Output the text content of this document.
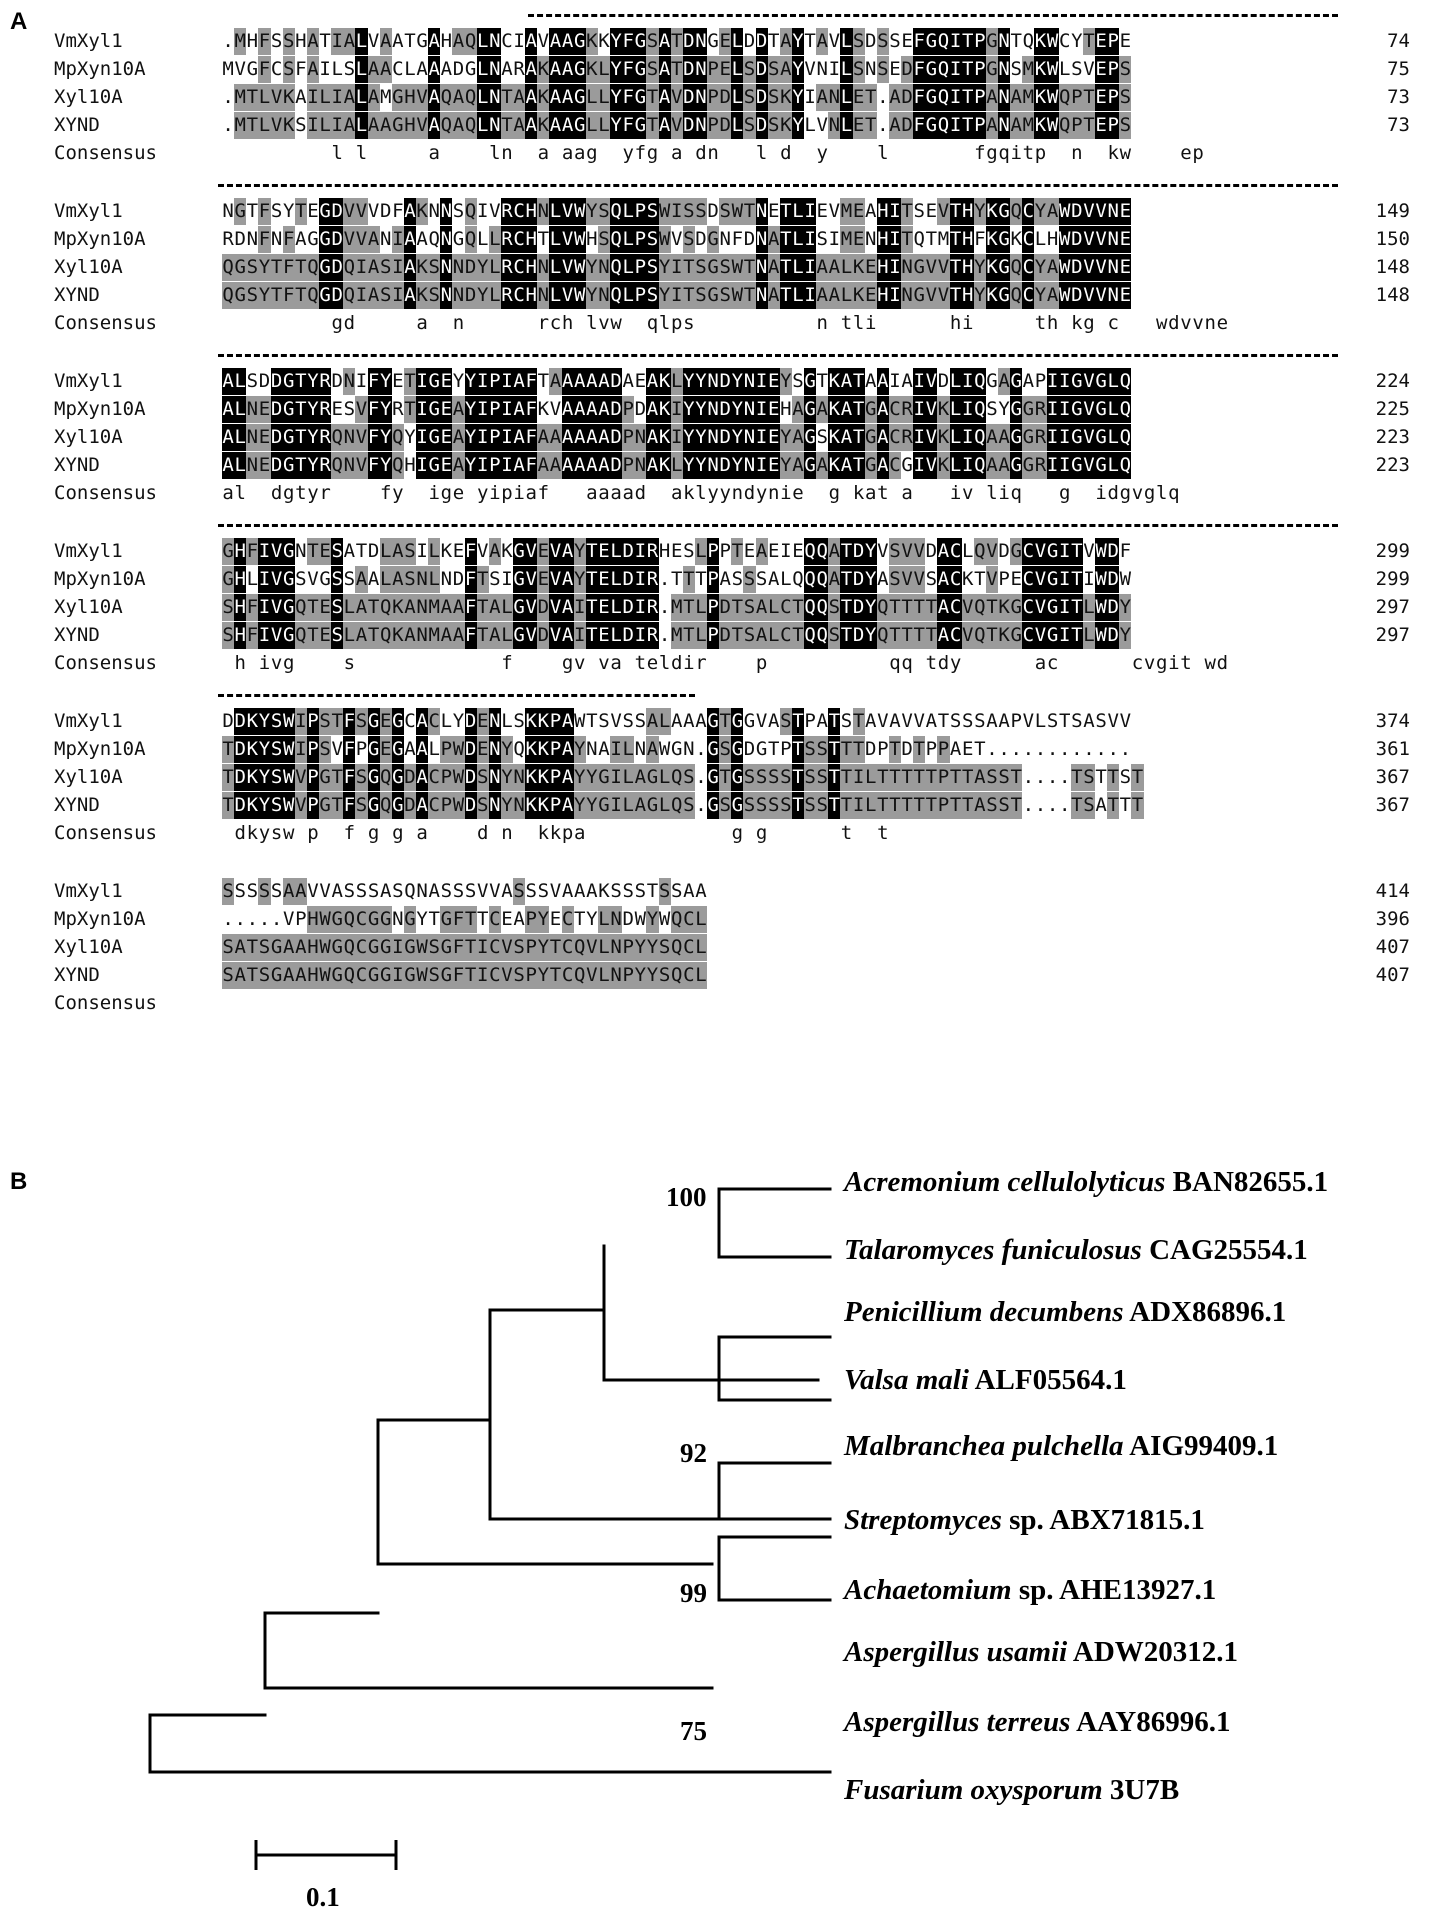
A
VmXyl1	.MHFSSHATIALVAATGAHAQLNCIAVAAGKKYFGSATDNGELDDTAYTAVLSDSSEFGQITPGNTQKWCYTEPE	74
MpXyn10A	MVGFCSFAILSLAACLAAADGLNARAKAAGKLYFGSATDNPELSDSAYVNILSNSEDFGQITPGNSMKWLSVEPS	75
Xyl10A	.MTLVKAILIALAMGHVAQAQLNTAAKAAGLLYFGTAVDNPDLSDSKYIANLET.ADFGQITPANAMKWQPTEPS	73
XYND	.MTLVKSILIALAAGHVAQAQLNTAAKAAGLLYFGTAVDNPDLSDSKYLVNLET.ADFGQITPANAMKWQPTEPS	73
Consensus	l l	a	ln a aag yfg a dn l d y	l	fgqitp n kw	ep
VmXyl1	NGTFSYTEGDVVVDFAKNNSQIVRCHNLVWYSQLPSWISSDSWTNETLIEVMEAHITSEVTHYKGQCYAWDVVNE	149
MpXyn10A	RDNFNFAGGDVVANIAAQNGQLLRCHTLVWHSQLPSWVSDGNFDNATLISIMENHITQTMTHFKGKCLHWDVVNE	150
Xyl10A	QGSYTFTQGDQIASIAKSNNDYLRCHNLVWYNQLPSYITSGSWTNATLIAALKEHINGVVTHYKGQCYAWDVVNE	148
XYND	QGSYTFTQGDQIASIAKSNNDYLRCHNLVWYNQLPSYITSGSWTNATLIAALKEHINGVVTHYKGQCYAWDVVNE	148
Consensus	gd	a n	rch lvw qlps	n tli	hi	th kg c wdvvne
VmXyl1	ALSDDGTYRDNIFYETIGEYYIPIAFTAAAAADAEAKLYYNDYNIEYSGTKATAAIAIVDLIQGAGAPIIGVGLQ	224
MpXyn10A	ALNEDGTYRESVFYRTIGEAYIPIAFKVAAAADPDAKIYYNDYNIEHAGAKATGACRIVKLIQSYGGRIIGVGLQ	225
Xyl10A	ALNEDGTYRQNVFYQYIGEAYIPIAFAAAAAADPNAKIYYNDYNIEYAGSKATGACRIVKLIQAAGGRIIGVGLQ	223
XYND	ALNEDGTYRQNVFYQHIGEAYIPIAFAAAAAADPNAKLYYNDYNIEYAGAKATGACGIVKLIQAAGGRIIGVGLQ	223
Consensus	al dgtyr	fy ige yipiaf aaaad aklyyndynie g kat a iv liq g idgvglq
VmXyl1	GHFIVGNTESATDLASILKEFVAKGVEVAYTELDIRHESLPPTEAEIEQQATDYVSVVDACLQVDGCVGITVWDF	299
MpXyn10A	GHLIVGSVGSSAALASNLNDFTSIGVEVAYTELDIR.TTTPASSSALQQQATDYASVVSACKTVPECVGITIWDW	299
Xyl10A	SHFIVGQTESLATQKANMAAFTALGVDVAITELDIR.MTLPDTSALCTQQSTDYQTTTTACVQTKGCVGITLWDY	297
XYND	SHFIVGQTESLATQKANMAAFTALGVDVAITELDIR.MTLPDTSALCTQQSTDYQTTTTACVQTKGCVGITLWDY	297
Consensus	h ivg	s	f	gv va teldir	p	qq tdy	ac	cvgit wd
VmXyl1	DDKYSWIPSTFSGEGCACLYDENLSKKPAWTSVSSALAAAGTGGVASTPATSTAVAVVATSSSAAPVLSTSASVV	374
MpXyn10A	TDKYSWIPSVFPGEGAALPWDENYQKKPAYNAILNAWGN.GSGDGTPTSSTTTDPTDTPPAET............	361
Xyl10A	TDKYSWVPGTFSGQGDACPWDSNYNKKPAYYGILAGLQS.GTGSSSSTSSTTILTTTTTPTTASST....TSTTST	367
XYND	TDKYSWVPGTFSGQGDACPWDSNYNKKPAYYGILAGLQS.GSGSSSSTSSTTILTTTTTPTTASST....TSATTT	367
Consensus	dkysw p f g g a	d n kkpa	g g	t t
VmXyl1	SSSSSAAVVASSSASQNASSSVVASSSVAAAKSSSTSSAA	414
MpXyn10A	.....VPHWGQCGGNGYTGFTTCEAPYECTYLNDWYWQCL	396
Xyl10A	SATSGAAHWGQCGGIGWSGFTICVSPYTCQVLNPYYSQCL	407
XYND	SATSGAAHWGQCGGIGWSGFTICVSPYTCQVLNPYYSQCL	407
Consensus
B	Acremonium cellulolyticus BAN82655.1
Talaromyces funiculosus CAG25554.1
Penicillium decumbens ADX86896.1
Valsa mali ALF05564.1
Malbranchea pulchella AIG99409.1
Streptomyces sp. ABX71815.1
Achaetomium sp. AHE13927.1
Aspergillus usamii ADW20312.1
Aspergillus terreus AAY86996.1
Fusarium oxysporum 3U7B
100
92
99
75
0.1
